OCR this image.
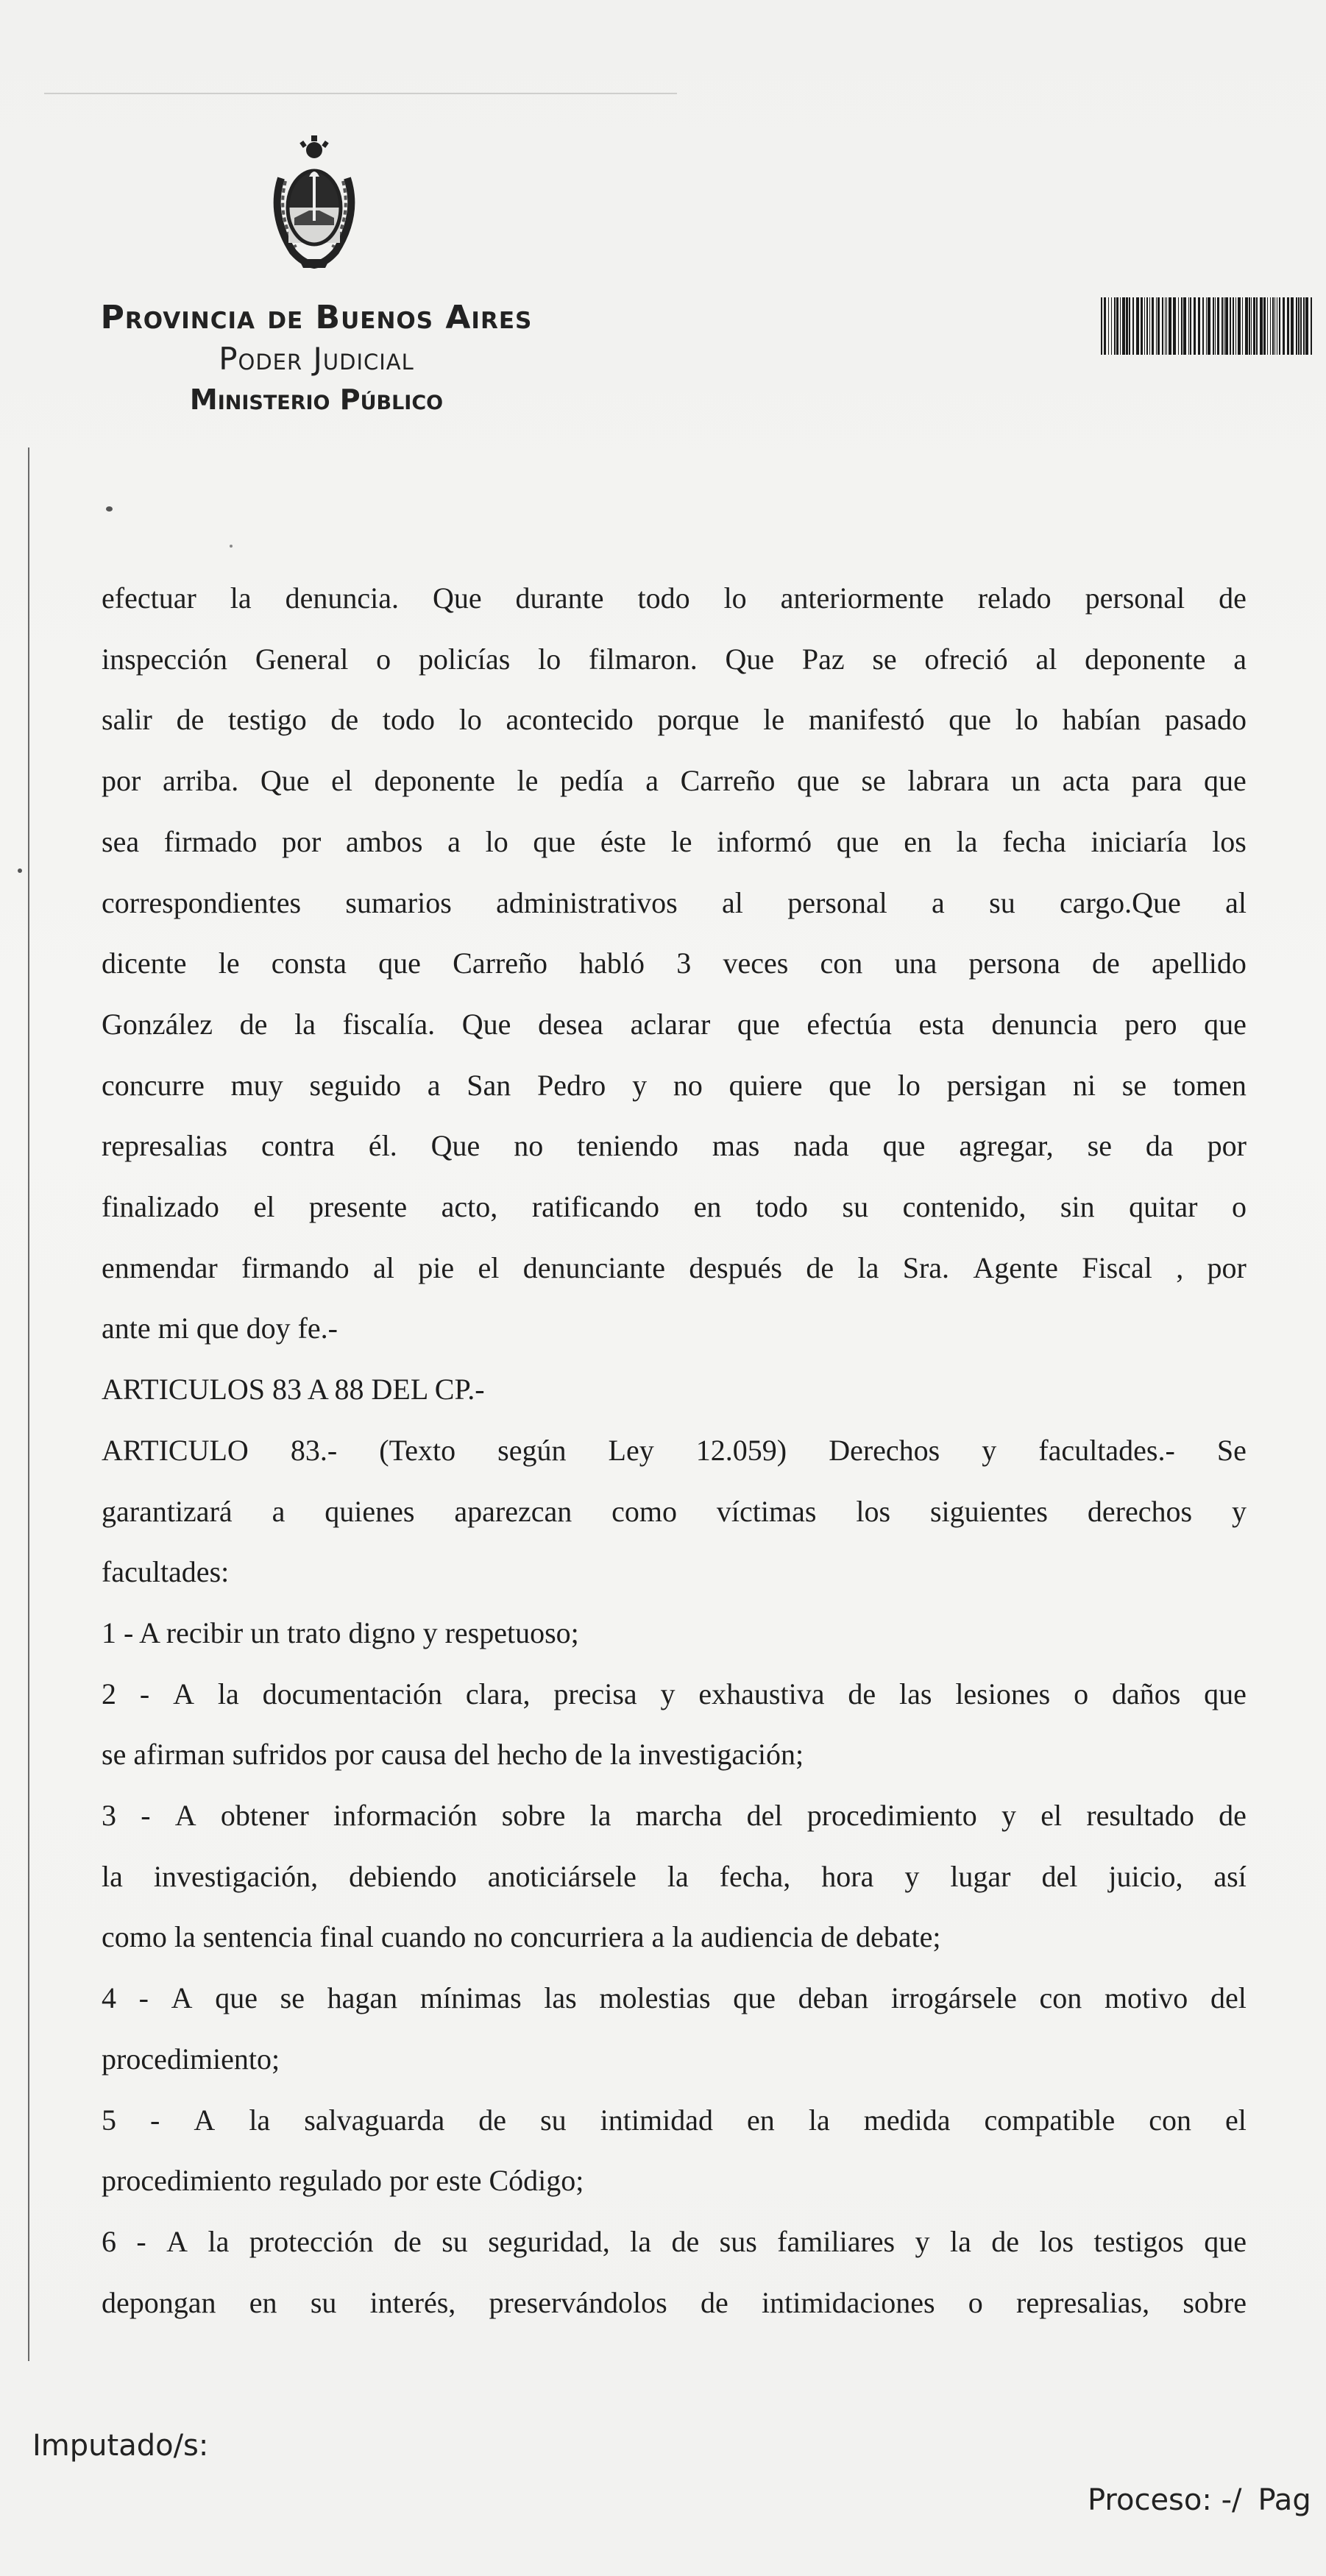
Provincia de Buenos Aires
Poder Judicial
Ministerio Público
efectuar la denuncia. Que durante todo lo anteriormente relado personal de
inspección General o policías lo filmaron. Que Paz se ofreció al deponente a
salir de testigo de todo lo acontecido porque le manifestó que lo habían pasado
por arriba. Que el deponente le pedía a Carreño que se labrara un acta para que
sea firmado por ambos a lo que éste le informó que en la fecha iniciaría los
correspondientes sumarios administrativos al personal a su cargo.Que al
dicente le consta que Carreño habló 3 veces con una persona de apellido
González de la fiscalía. Que desea aclarar que efectúa esta denuncia pero que
concurre muy seguido a San Pedro y no quiere que lo persigan ni se tomen
represalias contra él. Que no teniendo mas nada que agregar, se da por
finalizado el presente acto, ratificando en todo su contenido, sin quitar o
enmendar firmando al pie el denunciante después de la Sra. Agente Fiscal , por
ante mi que doy fe.-
ARTICULOS 83 A 88 DEL CP.-
ARTICULO 83.- (Texto según Ley 12.059) Derechos y facultades.- Se
garantizará a quienes aparezcan como víctimas los siguientes derechos y
facultades:
1 - A recibir un trato digno y respetuoso;
2 - A la documentación clara, precisa y exhaustiva de las lesiones o daños que
se afirman sufridos por causa del hecho de la investigación;
3 - A obtener información sobre la marcha del procedimiento y el resultado de
la investigación, debiendo anoticiársele la fecha, hora y lugar del juicio, así
como la sentencia final cuando no concurriera a la audiencia de debate;
4 - A que se hagan mínimas las molestias que deban irrogársele con motivo del
procedimiento;
5 - A la salvaguarda de su intimidad en la medida compatible con el
procedimiento regulado por este Código;
6 - A la protección de su seguridad, la de sus familiares y la de los testigos que
depongan en su interés, preservándolos de intimidaciones o represalias, sobre
Imputado/s:
Proceso: -/ Pag
